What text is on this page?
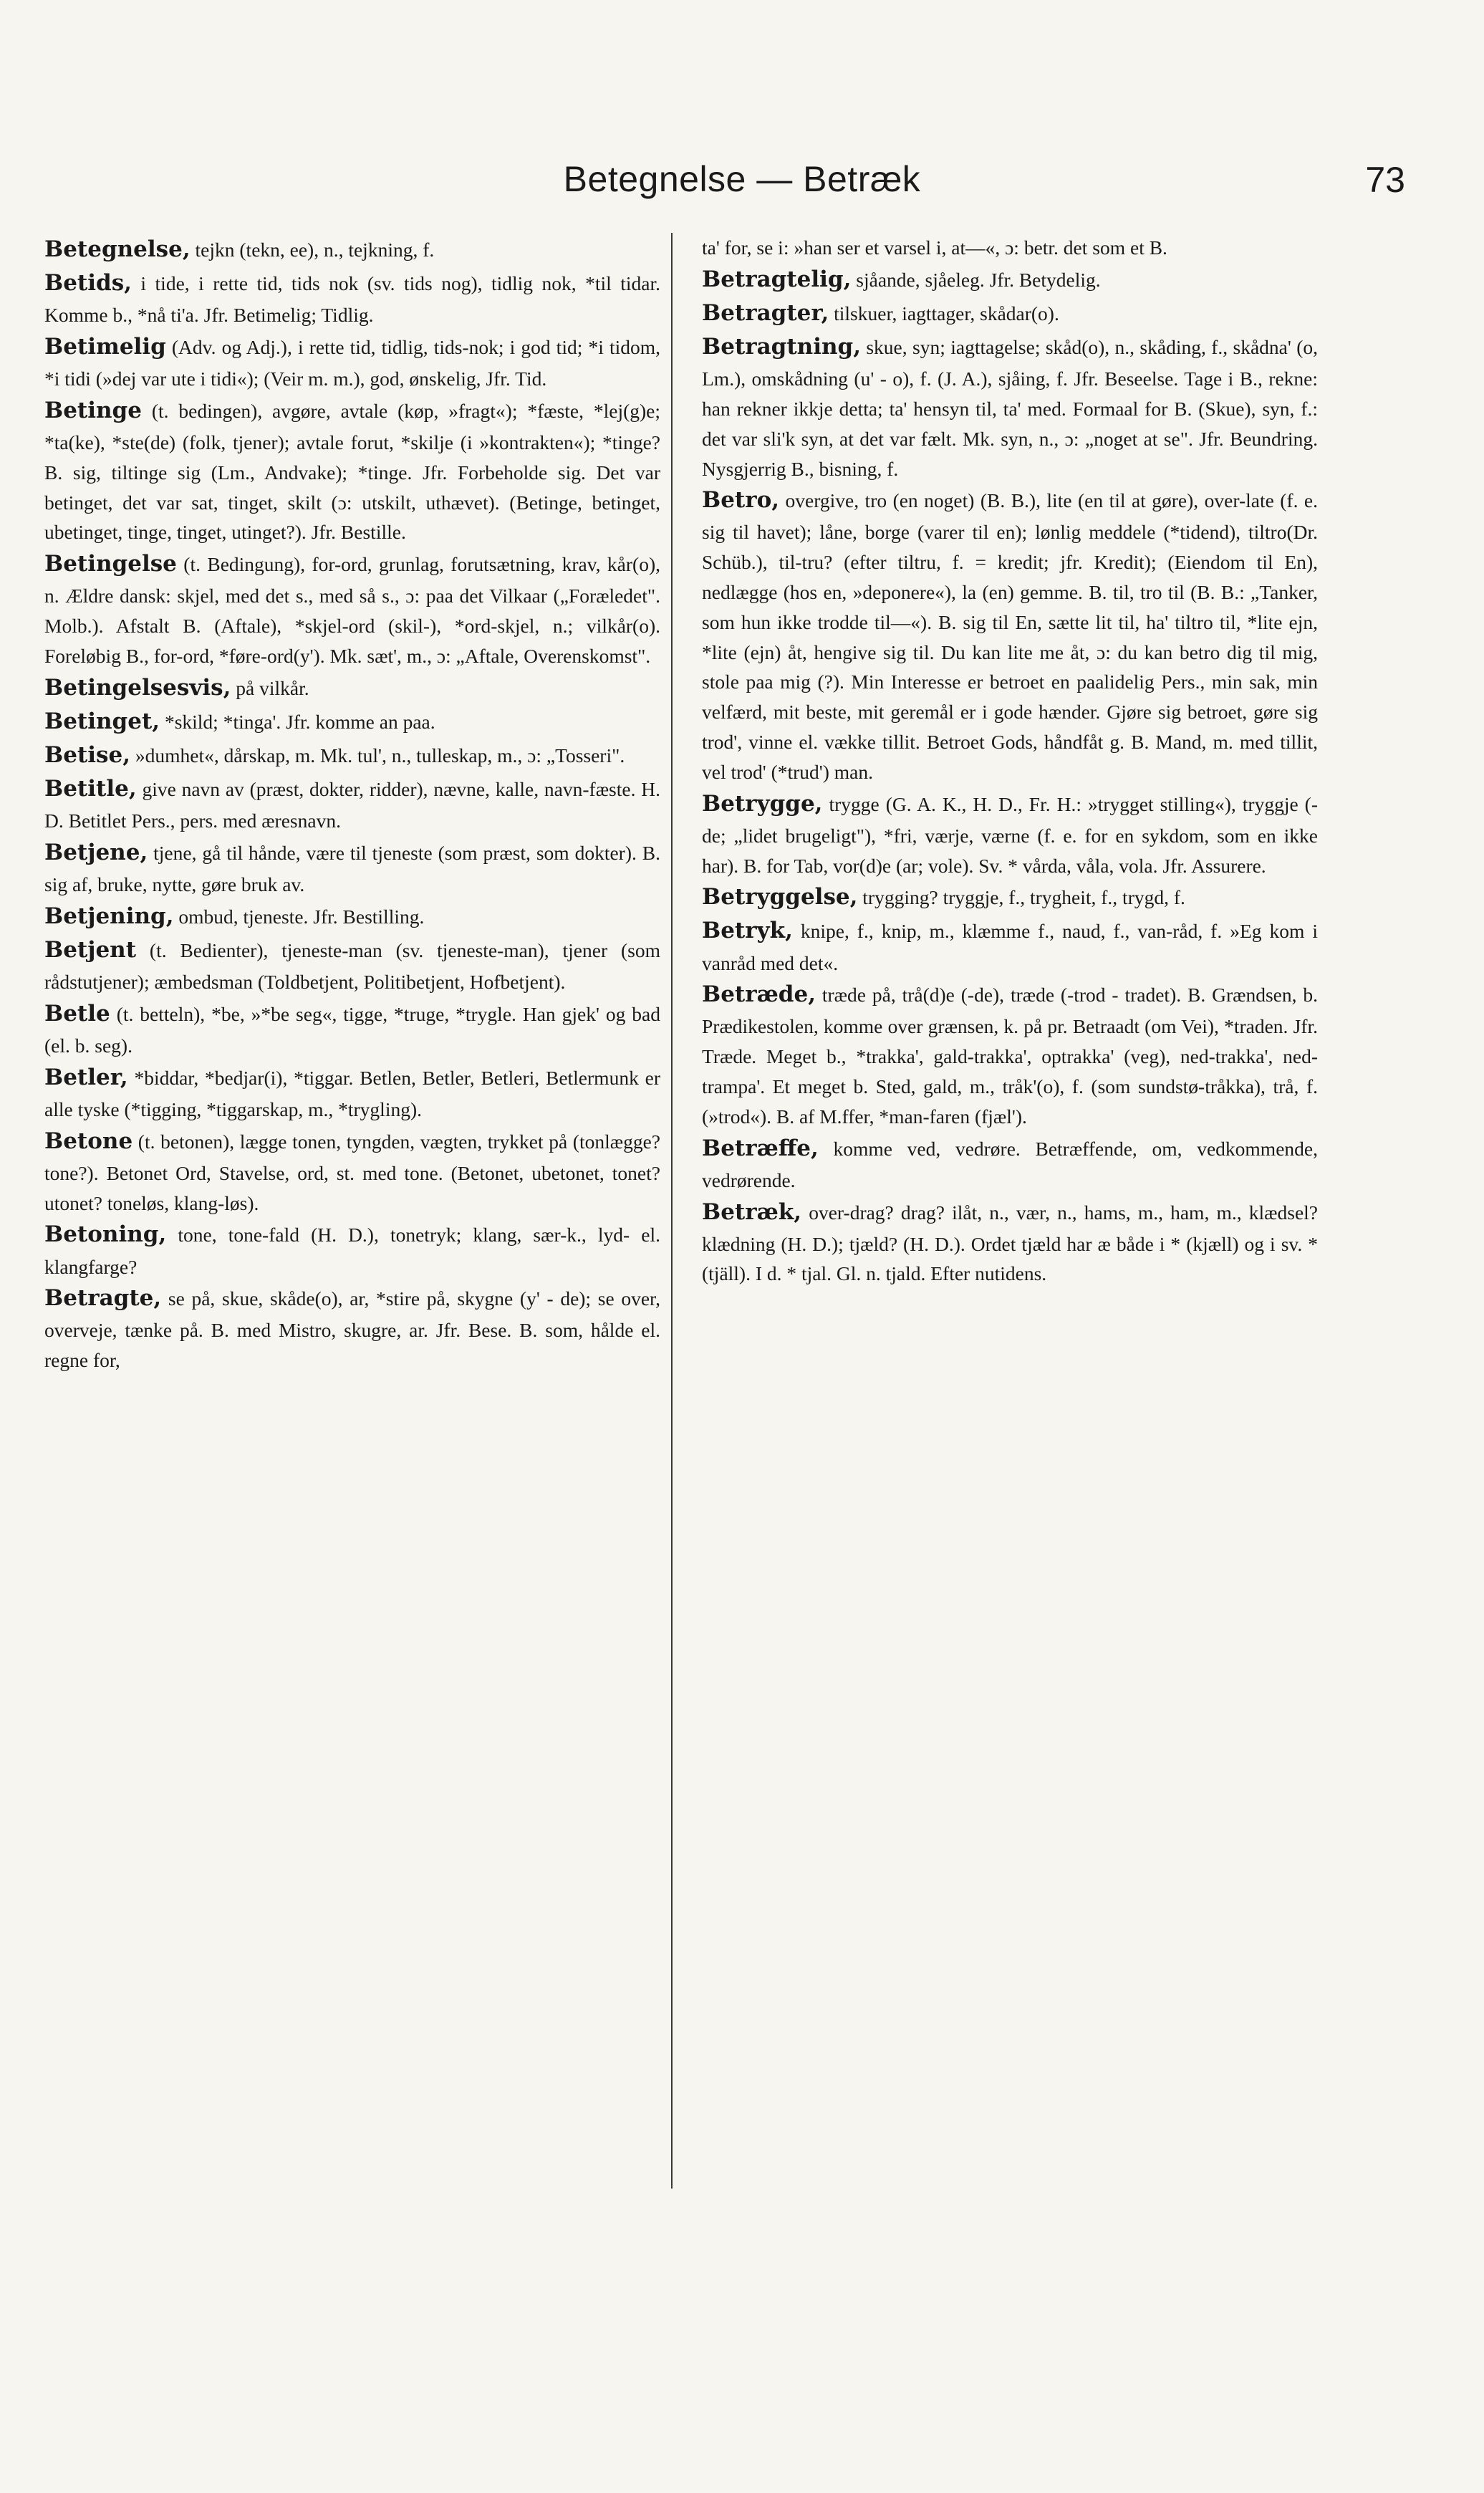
Betegnelse — Betræk	73

Betegnelse, tejkn (tekn, ee), n., tejkning, f.

Betids, i tide, i rette tid, tids nok (sv. tids nog), tidlig nok, *til tidar. Komme b., *nå ti'a. Jfr. Betimelig; Tidlig.

Betimelig (Adv. og Adj.), i rette tid, tidlig, tids-nok; i god tid; *i tidom, *i tidi (»dej var ute i tidi«); (Veir m. m.), god, ønskelig, Jfr. Tid.

Betinge (t. bedingen), avgøre, avtale (køp, »fragt«); *fæste, *lej(g)e; *ta(ke), *ste(de) (folk, tjener); avtale forut, *skilje (i »kontrakten«); *tinge? B. sig, tiltinge sig (Lm., Andvake); *tinge. Jfr. Forbeholde sig. Det var betinget, det var sat, tinget, skilt (ɔ: utskilt, uthævet). (Betinge, betinget, ubetinget, tinge, tinget, utinget?). Jfr. Bestille.

Betingelse (t. Bedingung), for-ord, grunlag, forutsætning, krav, kår(o), n. Ældre dansk: skjel, med det s., med så s., ɔ: paa det Vilkaar („Foræledet". Molb.). Afstalt B. (Aftale), *skjel-ord (skil-), *ord-skjel, n.; vilkår(o). Foreløbig B., for-ord, *føre-ord(y'). Mk. sæt', m., ɔ: „Aftale, Overenskomst".

Betingelsesvis, på vilkår.

Betinget, *skild; *tinga'. Jfr. komme an paa.

Betise, »dumhet«, dårskap, m. Mk. tul', n., tulleskap, m., ɔ: „Tosseri".

Betitle, give navn av (præst, dokter, ridder), nævne, kalle, navn-fæste. H. D. Betitlet Pers., pers. med æresnavn.

Betjene, tjene, gå til hånde, være til tjeneste (som præst, som dokter). B. sig af, bruke, nytte, gøre bruk av.

Betjening, ombud, tjeneste. Jfr. Bestilling.

Betjent (t. Bedienter), tjeneste-man (sv. tjeneste-man), tjener (som rådstutjener); æmbedsman (Toldbetjent, Politibetjent, Hofbetjent).

Betle (t. betteln), *be, »*be seg«, tigge, *truge, *trygle. Han gjek' og bad (el. b. seg).

Betler, *biddar, *bedjar(i), *tiggar. Betlen, Betler, Betleri, Betlermunk er alle tyske (*tigging, *tiggarskap, m., *trygling).

Betone (t. betonen), lægge tonen, tyngden, vægten, trykket på (tonlægge? tone?). Betonet Ord, Stavelse, ord, st. med tone. (Betonet, ubetonet, tonet? utonet? toneløs, klang-løs).

Betoning, tone, tone-fald (H. D.), tonetryk; klang, sær-k., lyd- el. klangfarge?

Betragte, se på, skue, skåde(o), ar, *stire på, skygne (y' - de); se over, overveje, tænke på. B. med Mistro, skugre, ar. Jfr. Bese. B. som, hålde el. regne for,

ta' for, se i: »han ser et varsel i, at—«, ɔ: betr. det som et B.

Betragtelig, sjåande, sjåeleg. Jfr. Betydelig.

Betragter, tilskuer, iagttager, skådar(o).

Betragtning, skue, syn; iagttagelse; skåd(o), n., skåding, f., skådna' (o, Lm.), omskådning (u' - o), f. (J. A.), sjåing, f. Jfr. Beseelse. Tage i B., rekne: han rekner ikkje detta; ta' hensyn til, ta' med. Formaal for B. (Skue), syn, f.: det var sli'k syn, at det var fælt. Mk. syn, n., ɔ: „noget at se". Jfr. Beundring. Nysgjerrig B., bisning, f.

Betro, overgive, tro (en noget) (B. B.), lite (en til at gøre), over-late (f. e. sig til havet); låne, borge (varer til en); lønlig meddele (*tidend), tiltro(Dr. Schüb.), til-tru? (efter tiltru, f. = kredit; jfr. Kredit); (Eiendom til En), nedlægge (hos en, »deponere«), la (en) gemme. B. til, tro til (B. B.: „Tanker, som hun ikke trodde til—«). B. sig til En, sætte lit til, ha' tiltro til, *lite ejn, *lite (ejn) åt, hengive sig til. Du kan lite me åt, ɔ: du kan betro dig til mig, stole paa mig (?). Min Interesse er betroet en paalidelig Pers., min sak, min velfærd, mit beste, mit geremål er i gode hænder. Gjøre sig betroet, gøre sig trod', vinne el. vække tillit. Betroet Gods, håndfåt g. B. Mand, m. med tillit, vel trod' (*trud') man.

Betrygge, trygge (G. A. K., H. D., Fr. H.: »trygget stilling«), tryggje (-de; „lidet brugeligt"), *fri, værje, værne (f. e. for en sykdom, som en ikke har). B. for Tab, vor(d)e (ar; vole). Sv. * vårda, våla, vola. Jfr. Assurere.

Betryggelse, trygging? tryggje, f., trygheit, f., trygd, f.

Betryk, knipe, f., knip, m., klæmme f., naud, f., van-råd, f. »Eg kom i vanråd med det«.

Betræde, træde på, trå(d)e (-de), træde (-trod - tradet). B. Grændsen, b. Prædikestolen, komme over grænsen, k. på pr. Betraadt (om Vei), *traden. Jfr. Træde. Meget b., *trakka', gald-trakka', optrakka' (veg), ned-trakka', ned-trampa'. Et meget b. Sted, gald, m., tråk'(o), f. (som sundstø-tråkka), trå, f. (»trod«). B. af M.ffer, *man-faren (fjæl').

Betræffe, komme ved, vedrøre. Betræffende, om, vedkommende, vedrørende.

Betræk, over-drag? drag? ilåt, n., vær, n., hams, m., ham, m., klædsel? klædning (H. D.); tjæld? (H. D.). Ordet tjæld har æ både i * (kjæll) og i sv. * (tjäll). I d. * tjal. Gl. n. tjald. Efter nutidens.
